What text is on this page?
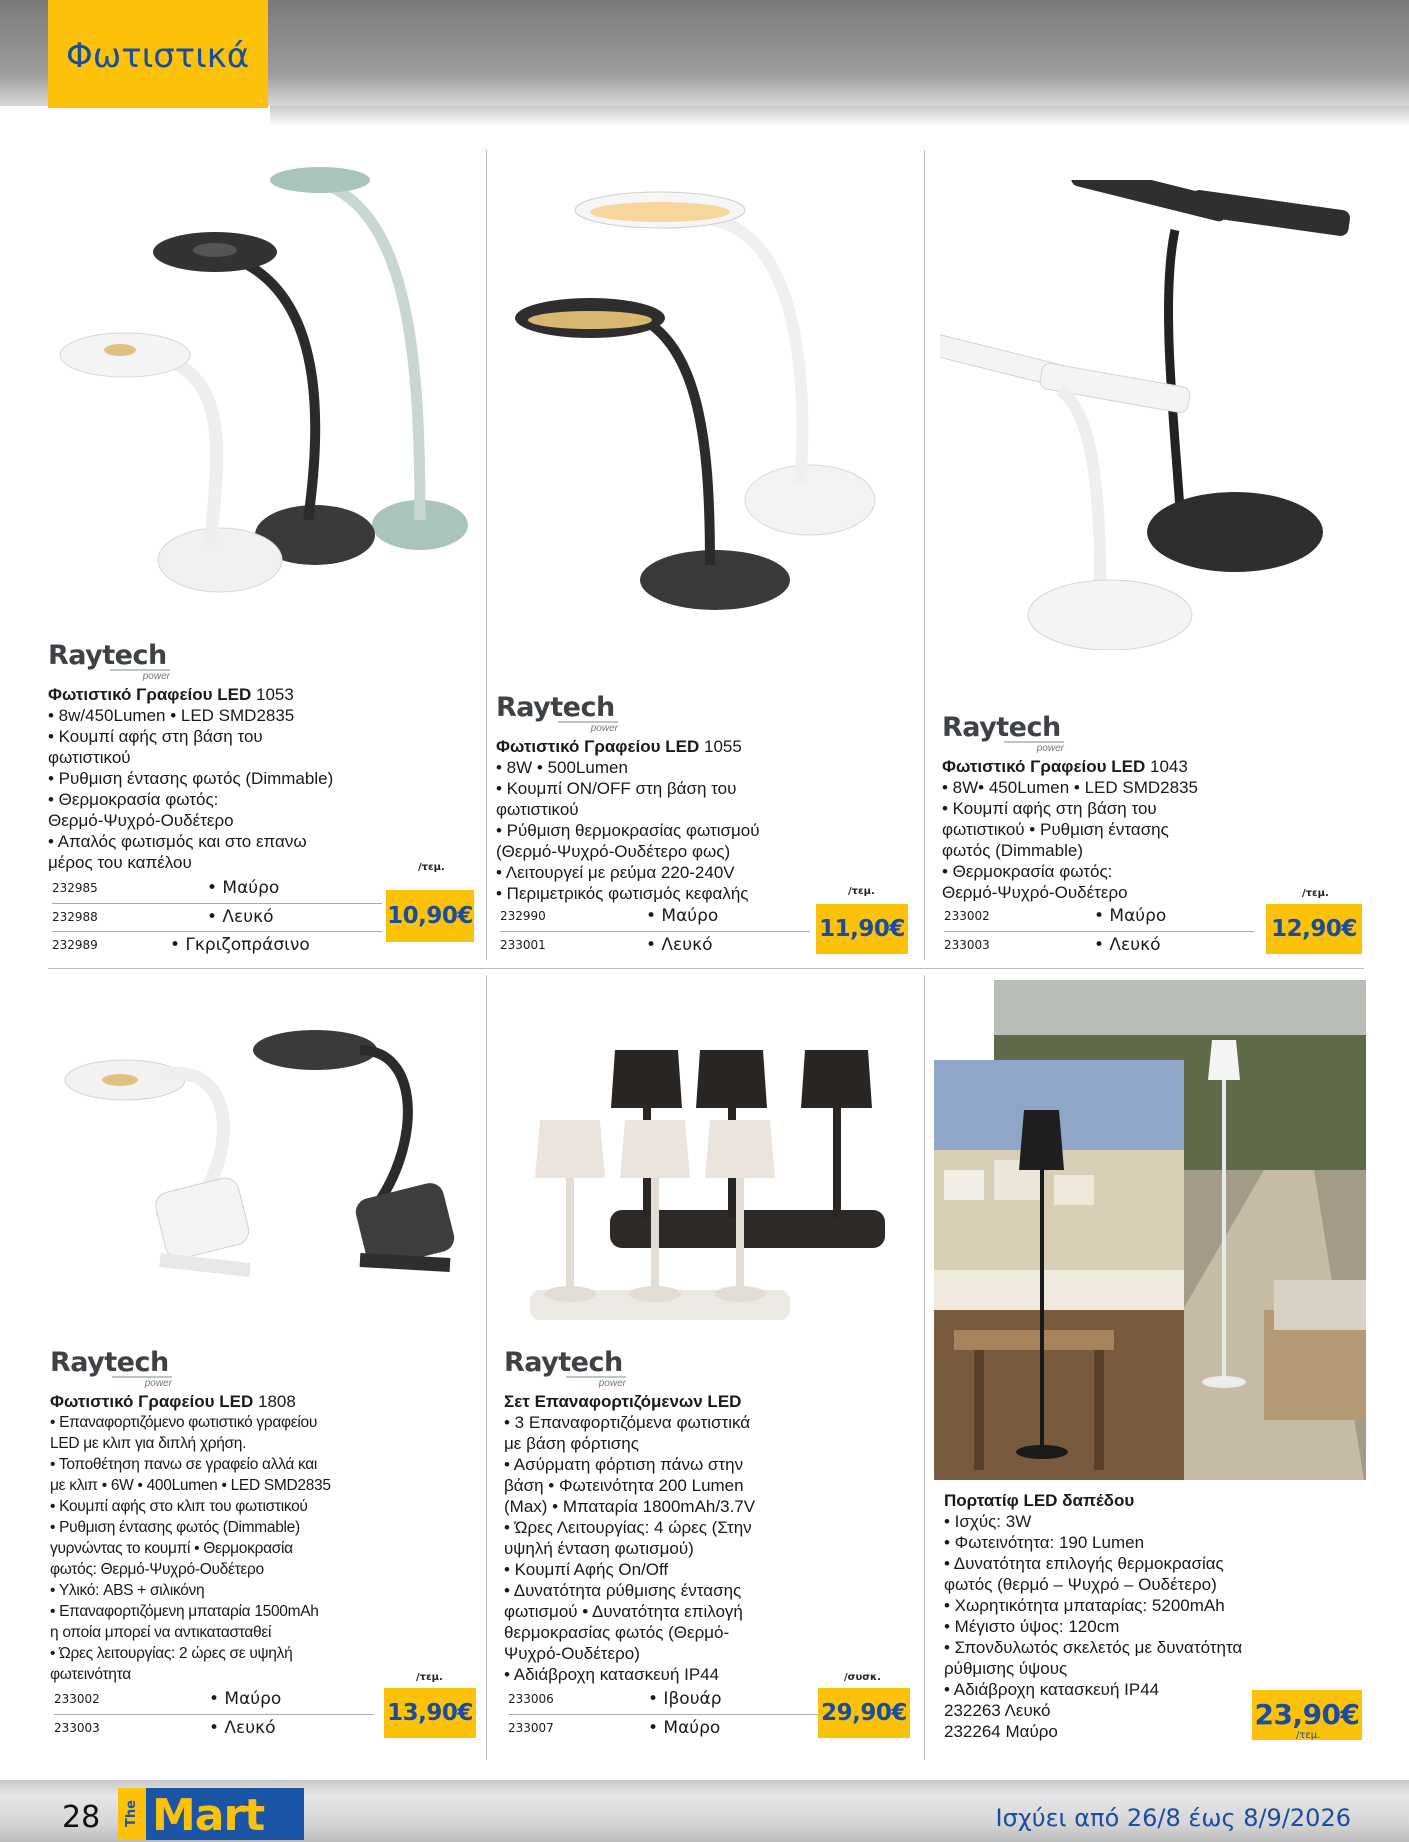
Φωτιστικά
Raytech
power
Φωτιστικό Γραφείου LED 1053
• 8w/450Lumen • LED SMD2835
• Κουμπί αφής στη βάση του
φωτιστικού
• Ρυθμιση έντασης φωτός (Dimmable)
• Θερμοκρασία φωτός:
Θερμό-Ψυχρό-Ουδέτερο
• Απαλός φωτισμός και στο επανω
μέρος του καπέλου	/τεμ.
232985	• Μαύρο
232988	• Λευκό
232989	• Γκριζοπράσινο
10,90€
Raytech
power
Φωτιστικό Γραφείου LED 1055
• 8W • 500Lumen
• Κουμπί ON/OFF στη βάση του
φωτιστικού
• Ρύθμιση θερμοκρασίας φωτισμού
(Θερμό-Ψυχρό-Ουδέτερο φως)
• Λειτουργεί με ρεύμα 220-240V
• Περιμετρικός φωτισμός κεφαλής	/τεμ.
232990	• Μαύρο
233001	• Λευκό
11,90€
Raytech
power
Φωτιστικό Γραφείου LED 1043
• 8W• 450Lumen • LED SMD2835
• Κουμπί αφής στη βάση του
φωτιστικού • Ρυθμιση έντασης
φωτός (Dimmable)
• Θερμοκρασία φωτός:
Θερμό-Ψυχρό-Ουδέτερο	/τεμ.
233002	• Μαύρο
233003	• Λευκό
12,90€
Raytech
power
Φωτιστικό Γραφείου LED 1808
• Επαναφορτιζόμενο φωτιστικό γραφείου
LED με κλιπ για διπλή χρήση.
• Τοποθέτηση πανω σε γραφείο αλλά και
με κλιπ • 6W • 400Lumen • LED SMD2835
• Κουμπί αφής στο κλιπ του φωτιστικού
• Ρυθμιση έντασης φωτός (Dimmable)
γυρνώντας το κουμπί • Θερμοκρασία
φωτός: Θερμό-Ψυχρό-Ουδέτερο
• Υλικό: ABS + σιλικόνη
• Επαναφορτιζόμενη μπαταρία 1500mAh
η οποία μπορεί να αντικατασταθεί
• Ώρες λειτουργίας: 2 ώρες σε υψηλή
φωτεινότητα	/τεμ.
233002	• Μαύρο
233003	• Λευκό
13,90€
Raytech
power
Σετ Επαναφορτιζόμενων LED
• 3 Επαναφορτιζόμενα φωτιστικά
με βάση φόρτισης
• Ασύρματη φόρτιση πάνω στην
βάση • Φωτεινότητα 200 Lumen
(Max) • Μπαταρία 1800mAh/3.7V
• Ώρες Λειτουργίας: 4 ώρες (Στην
υψηλή ένταση φωτισμού)
• Κουμπί Αφής On/Off
• Δυνατότητα ρύθμισης έντασης
φωτισμού • Δυνατότητα επιλογή
θερμοκρασίας φωτός (Θερμό-
Ψυχρό-Ουδέτερο)
• Αδιάβροχη κατασκευή IP44	/συσκ.
233006	• Ιβουάρ
233007	• Μαύρο
29,90€
Πορτατίφ LED δαπέδου
• Ισχύς: 3W
• Φωτεινότητα: 190 Lumen
• Δυνατότητα επιλογής θερμοκρασίας
φωτός (θερμό – Ψυχρό – Ουδέτερο)
• Χωρητικότητα μπαταρίας: 5200mAh
• Μέγιστο ύψος: 120cm
• Σπονδυλωτός σκελετός με δυνατότητα
ρύθμισης ύψους
• Αδιάβροχη κατασκευή IP44
232263 Λευκό
232264 Μαύρο
23,90€
/τεμ.
28	The Mart	Ισχύει από 26/8 έως 8/9/2026
